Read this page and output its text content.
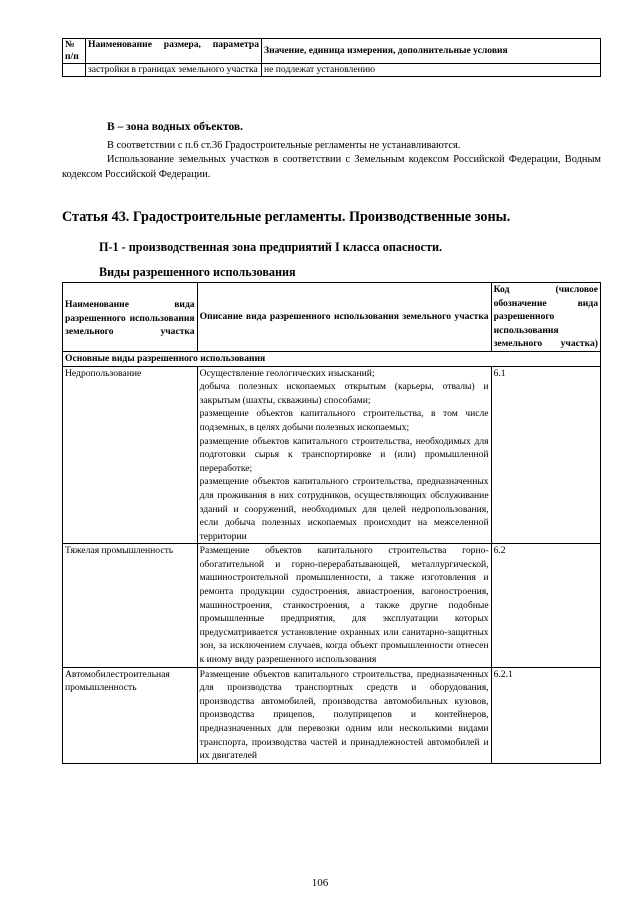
№ п/п	Наименование размера, параметра	Значение, единица измерения, дополнительные условия
	застройки в границах земельного участка	не подлежат установлению
В – зона водных объектов.
В соответствии с п.6 ст.36 Градостроительные регламенты не устанавливаются.
Использование земельных участков в соответствии с Земельным кодексом Российской Федерации, Водным кодексом Российской Федерации.
Статья 43. Градостроительные регламенты. Производственные зоны.
П-1 - производственная зона предприятий I класса опасности.
Виды разрешенного использования
Наименование вида разрешенного использования земельного участка	Описание вида разрешенного использования земельного участка	Код (числовое обозначение вида разрешенного использования земельного участка)
Основные виды разрешенного использования		
Недропользование	Осуществление геологических изысканий;
добыча полезных ископаемых открытым (карьеры, отвалы) и закрытым (шахты, скважины) способами;
размещение объектов капитального строительства, в том числе подземных, в целях добычи полезных ископаемых;
размещение объектов капитального строительства, необходимых для подготовки сырья к транспортировке и (или) промышленной переработке;
размещение объектов капитального строительства, предназначенных для проживания в них сотрудников, осуществляющих обслуживание зданий и сооружений, необходимых для целей недропользования, если добыча полезных ископаемых происходит на межселенной территории	6.1
Тяжелая промышленность	Размещение объектов капитального строительства горно-обогатительной и горно-перерабатывающей, металлургической, машиностроительной промышленности, а также изготовления и ремонта продукции судостроения, авиастроения, вагоностроения, машиностроения, станкостроения, а также другие подобные промышленные предприятия, для эксплуатации которых предусматривается установление охранных или санитарно-защитных зон, за исключением случаев, когда объект промышленности отнесен к иному виду разрешенного использования	6.2
Автомобилестроительная промышленность	Размещение объектов капитального строительства, предназначенных для производства транспортных средств и оборудования, производства автомобилей, производства автомобильных кузовов, производства прицепов, полуприцепов и контейнеров, предназначенных для перевозки одним или несколькими видами транспорта, производства частей и принадлежностей автомобилей и их двигателей	6.2.1
106
